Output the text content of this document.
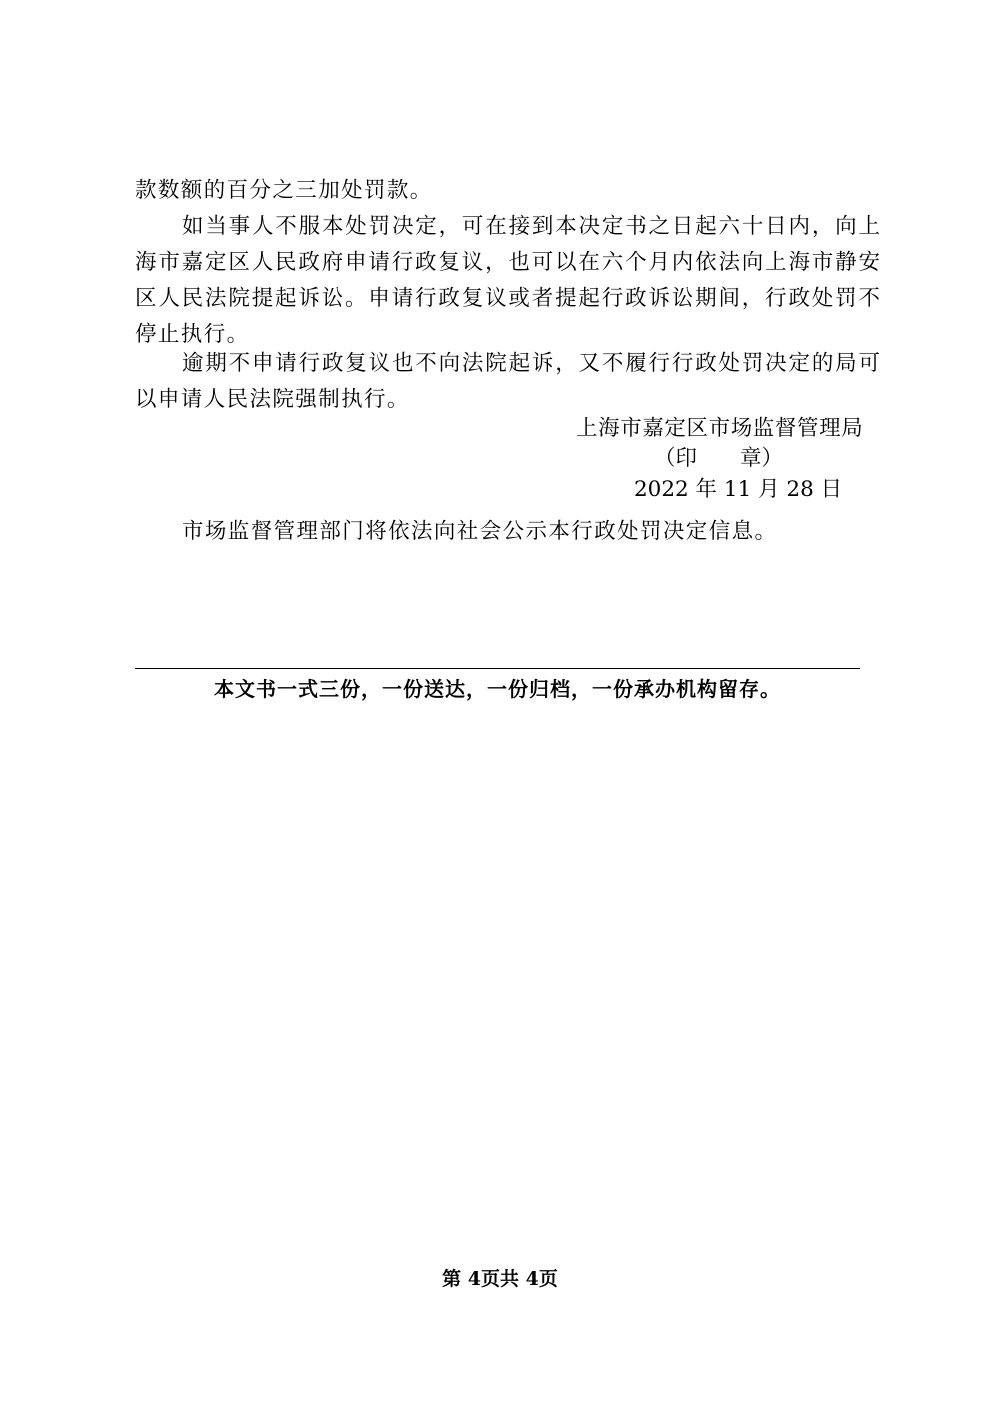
款数额的百分之三加处罚款。
如当事人不服本处罚决定，可在接到本决定书之日起六十日内，向上
海市嘉定区人民政府申请行政复议，也可以在六个月内依法向上海市静安
区人民法院提起诉讼。申请行政复议或者提起行政诉讼期间，行政处罚不
停止执行。
逾期不申请行政复议也不向法院起诉，又不履行行政处罚决定的局可
以申请人民法院强制执行。
上海市嘉定区市场监督管理局
（印　　章）
2022 年 11 月 28 日
市场监督管理部门将依法向社会公示本行政处罚决定信息。
本文书一式三份，一份送达，一份归档，一份承办机构留存。
第 4页共 4页
